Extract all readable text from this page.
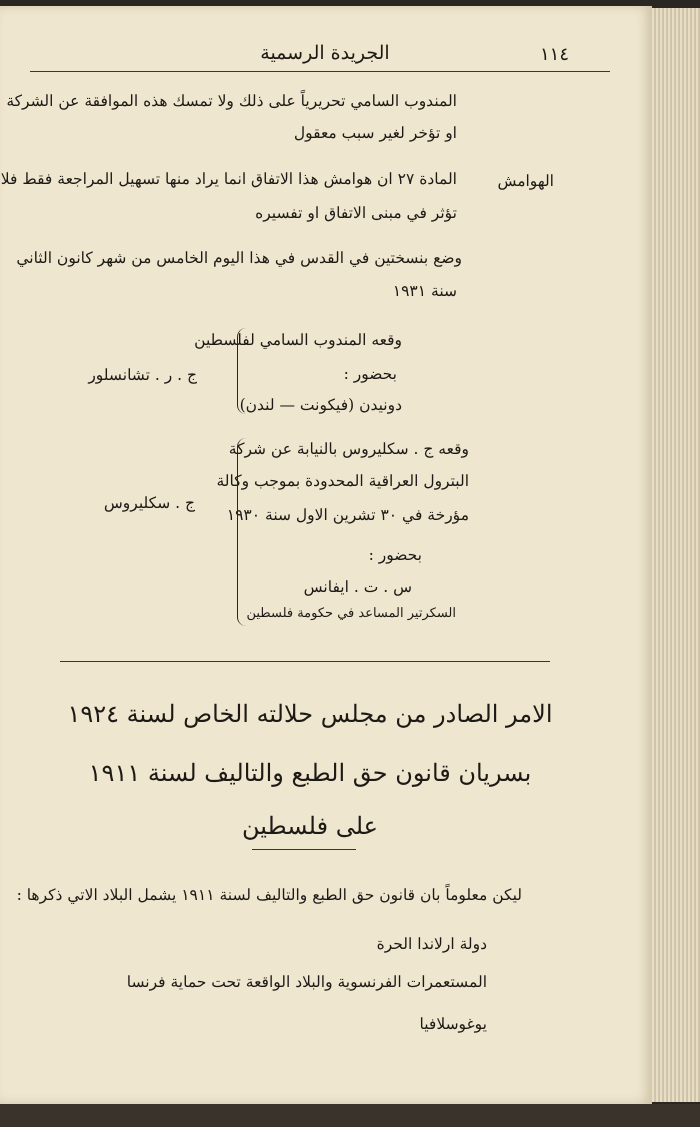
الجريدة الرسمية	١١٤
المندوب السامي تحريرياً على ذلك ولا تمسك هذه الموافقة عن الشركة
او تؤخر لغير سبب معقول
الهوامش
المادة ٢٧ ان هوامش هذا الاتفاق انما يراد منها تسهيل المراجعة فقط فلا
تؤثر في مبنى الاتفاق او تفسيره
وضع بنسختين في القدس في هذا اليوم الخامس من شهر كانون الثاني
سنة ١٩٣١
وقعه المندوب السامي لفلسطين
بحضور :
دونيدن (فيكونت — لندن)
ج . ر . تشانسلور
وقعه ج . سكليروس بالنيابة عن شركة
البترول العراقية المحدودة بموجب وكالة
مؤرخة في ٣٠ تشرين الاول سنة ١٩٣٠
بحضور :
س . ت . ايفانس
السكرتير المساعد في حكومة فلسطين
ج . سكليروس
الامر الصادر من مجلس حلالته الخاص لسنة ١٩٢٤
بسريان قانون حق الطبع والتاليف لسنة ١٩١١
على فلسطين
ليكن معلوماً بان قانون حق الطبع والتاليف لسنة ١٩١١ يشمل البلاد الاتي ذكرها :
دولة ارلاندا الحرة
المستعمرات الفرنسوية والبلاد الواقعة تحت حماية فرنسا
يوغوسلافيا
